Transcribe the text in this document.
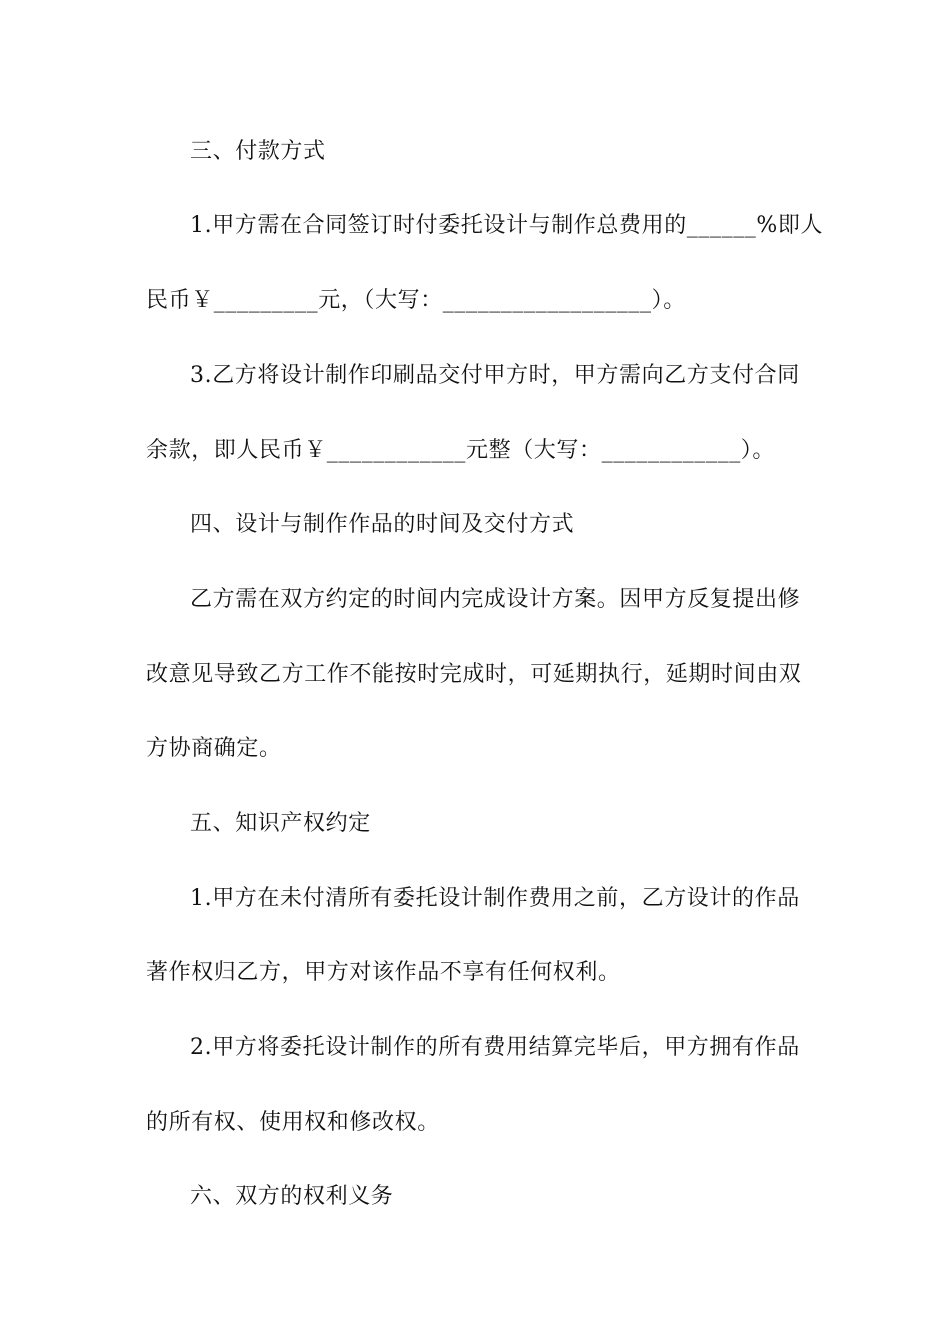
三、付款方式
1.甲方需在合同签订时付委托设计与制作总费用的______%即人
民币￥_________元，（大写：__________________）。
3.乙方将设计制作印刷品交付甲方时，甲方需向乙方支付合同
余款，即人民币￥____________元整（大写：____________）。
四、设计与制作作品的时间及交付方式
乙方需在双方约定的时间内完成设计方案。因甲方反复提出修
改意见导致乙方工作不能按时完成时，可延期执行，延期时间由双
方协商确定。
五、知识产权约定
1.甲方在未付清所有委托设计制作费用之前，乙方设计的作品
著作权归乙方，甲方对该作品不享有任何权利。
2.甲方将委托设计制作的所有费用结算完毕后，甲方拥有作品
的所有权、使用权和修改权。
六、双方的权利义务
